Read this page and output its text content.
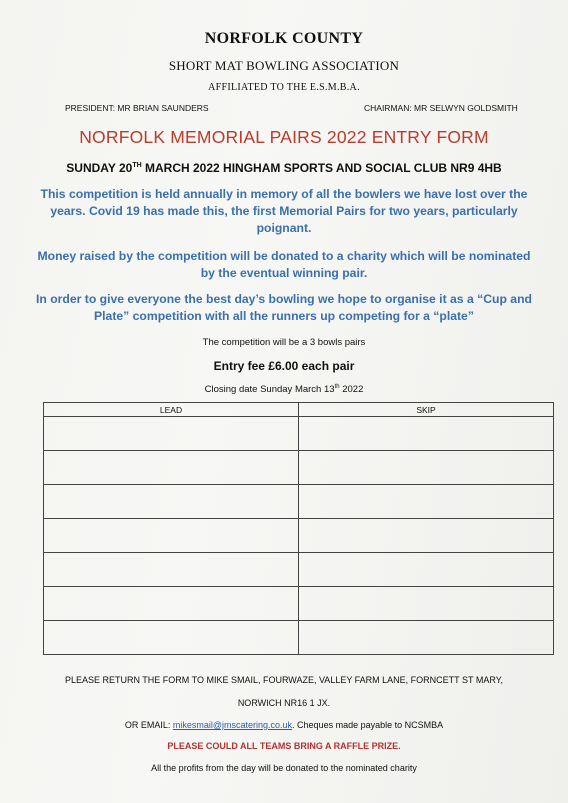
NORFOLK COUNTY
SHORT MAT BOWLING ASSOCIATION
AFFILIATED TO THE E.S.M.B.A.
PRESIDENT: MR BRIAN SAUNDERS	CHAIRMAN: MR SELWYN GOLDSMITH
NORFOLK MEMORIAL PAIRS 2022 ENTRY FORM
SUNDAY 20TH MARCH 2022 HINGHAM SPORTS AND SOCIAL CLUB NR9 4HB
This competition is held annually in memory of all the bowlers we have lost over the years. Covid 19 has made this, the first Memorial Pairs for two years, particularly poignant.
Money raised by the competition will be donated to a charity which will be nominated by the eventual winning pair.
In order to give everyone the best day’s bowling we hope to organise it as a “Cup and Plate” competition with all the runners up competing for a “plate”
The competition will be a 3 bowls pairs
Entry fee £6.00 each pair
Closing date Sunday March 13th 2022
LEAD	SKIP

PLEASE RETURN THE FORM TO MIKE SMAIL, FOURWAZE, VALLEY FARM LANE, FORNCETT ST MARY,
NORWICH NR16 1 JX.
OR EMAIL: mikesmail@jmscatering.co.uk. Cheques made payable to NCSMBA
PLEASE COULD ALL TEAMS BRING A RAFFLE PRIZE.
All the profits from the day will be donated to the nominated charity
